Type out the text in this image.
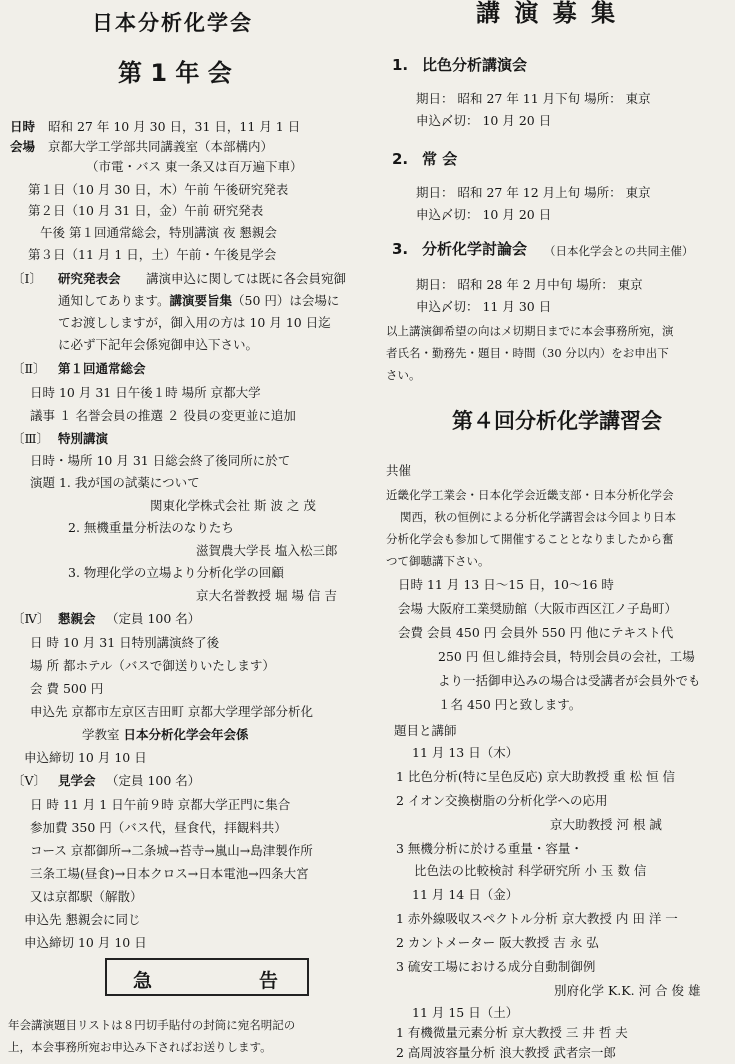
日本分析化学会
第 1 年 会
日時 昭和 27 年 10 月 30 日，31 日，11 月 1 日
会場 京都大学工学部共同講義室（本部構内）
（市電・バス 東一条又は百万遍下車）
第１日（10 月 30 日，木）午前 午後研究発表
第２日（10 月 31 日，金）午前 研究発表
午後 第１回通常総会，特別講演 夜 懇親会
第３日（11 月 1 日，土）午前・午後見学会
〔Ⅰ〕 研究発表会 講演申込に関しては既に各会員宛御
通知してあります。講演要旨集（50 円）は会場に
てお渡ししますが，御入用の方は 10 月 10 日迄
に必ず下記年会係宛御申込下さい。
〔Ⅱ〕 第１回通常総会
日時 10 月 31 日午後１時 場所 京都大学
議事 １ 名誉会員の推選 ２ 役員の変更並に追加
〔Ⅲ〕 特別講演
日時・場所 10 月 31 日総会終了後同所に於て
演題 1. 我が国の試薬について
関東化学株式会社 斯 波 之 茂
2. 無機重量分析法のなりたち
滋賀農大学長 塩入松三郎
3. 物理化学の立場より分析化学の回顧
京大名誉教授 堀 場 信 吉
〔Ⅳ〕 懇親会 （定員 100 名）
日 時 10 月 31 日特別講演終了後
場 所 都ホテル（バスで御送りいたします）
会 費 500 円
申込先 京都市左京区吉田町 京都大学理学部分析化
学教室 日本分析化学会年会係
申込締切 10 月 10 日
〔Ⅴ〕 見学会 （定員 100 名）
日 時 11 月 1 日午前９時 京都大学正門に集合
参加費 350 円（バス代，昼食代，拝観料共）
コース 京都御所→二条城→苔寺→嵐山→島津製作所
三条工場(昼食)→日本クロス→日本電池→四条大宮
又は京都駅（解散）
申込先 懇親会に同じ
申込締切 10 月 10 日
急	告
年会講演題目リストは８円切手貼付の封筒に宛名明記の
上，本会事務所宛お申込み下さればお送りします。
講 演 募 集
1. 比色分析講演会
期日： 昭和 27 年 11 月下旬 場所： 東京
申込〆切： 10 月 20 日
2. 常 会
期日： 昭和 27 年 12 月上旬 場所： 東京
申込〆切： 10 月 20 日
3. 分析化学討論会 （日本化学会との共同主催）
期日： 昭和 28 年 2 月中旬 場所： 東京
申込〆切： 11 月 30 日
以上講演御希望の向はメ切期日までに本会事務所宛，演
者氏名・勤務先・題目・時間（30 分以内）をお申出下
さい。
第４回分析化学講習会
共催
近畿化学工業会・日本化学会近畿支部・日本分析化学会
関西，秋の恒例による分析化学講習会は今回より日本
分析化学会も参加して開催することとなりましたから奮
つて御聴講下さい。
日時 11 月 13 日～15 日，10～16 時
会場 大阪府工業奨励館（大阪市西区江ノ子島町）
会費 会員 450 円 会員外 550 円 他にテキスト代
250 円 但し維持会員，特別会員の会社，工場
より一括御申込みの場合は受講者が会員外でも
１名 450 円と致します。
題目と講師
11 月 13 日（木）
1 比色分析(特に呈色反応) 京大助教授 重 松 恒 信
2 イオン交換樹脂の分析化学への応用
京大助教授 河 根 誠
3 無機分析に於ける重量・容量・
比色法の比較検討 科学研究所 小 玉 数 信
11 月 14 日（金）
1 赤外線吸収スペクトル分析 京大教授 内 田 洋 一
2 カントメーター 阪大教授 吉 永 弘
3 硫安工場における成分自動制御例
別府化学 K.K. 河 合 俊 雄
11 月 15 日（土）
1 有機微量元素分析 京大教授 三 井 哲 夫
2 高周波容量分析 浪大教授 武者宗一郎
